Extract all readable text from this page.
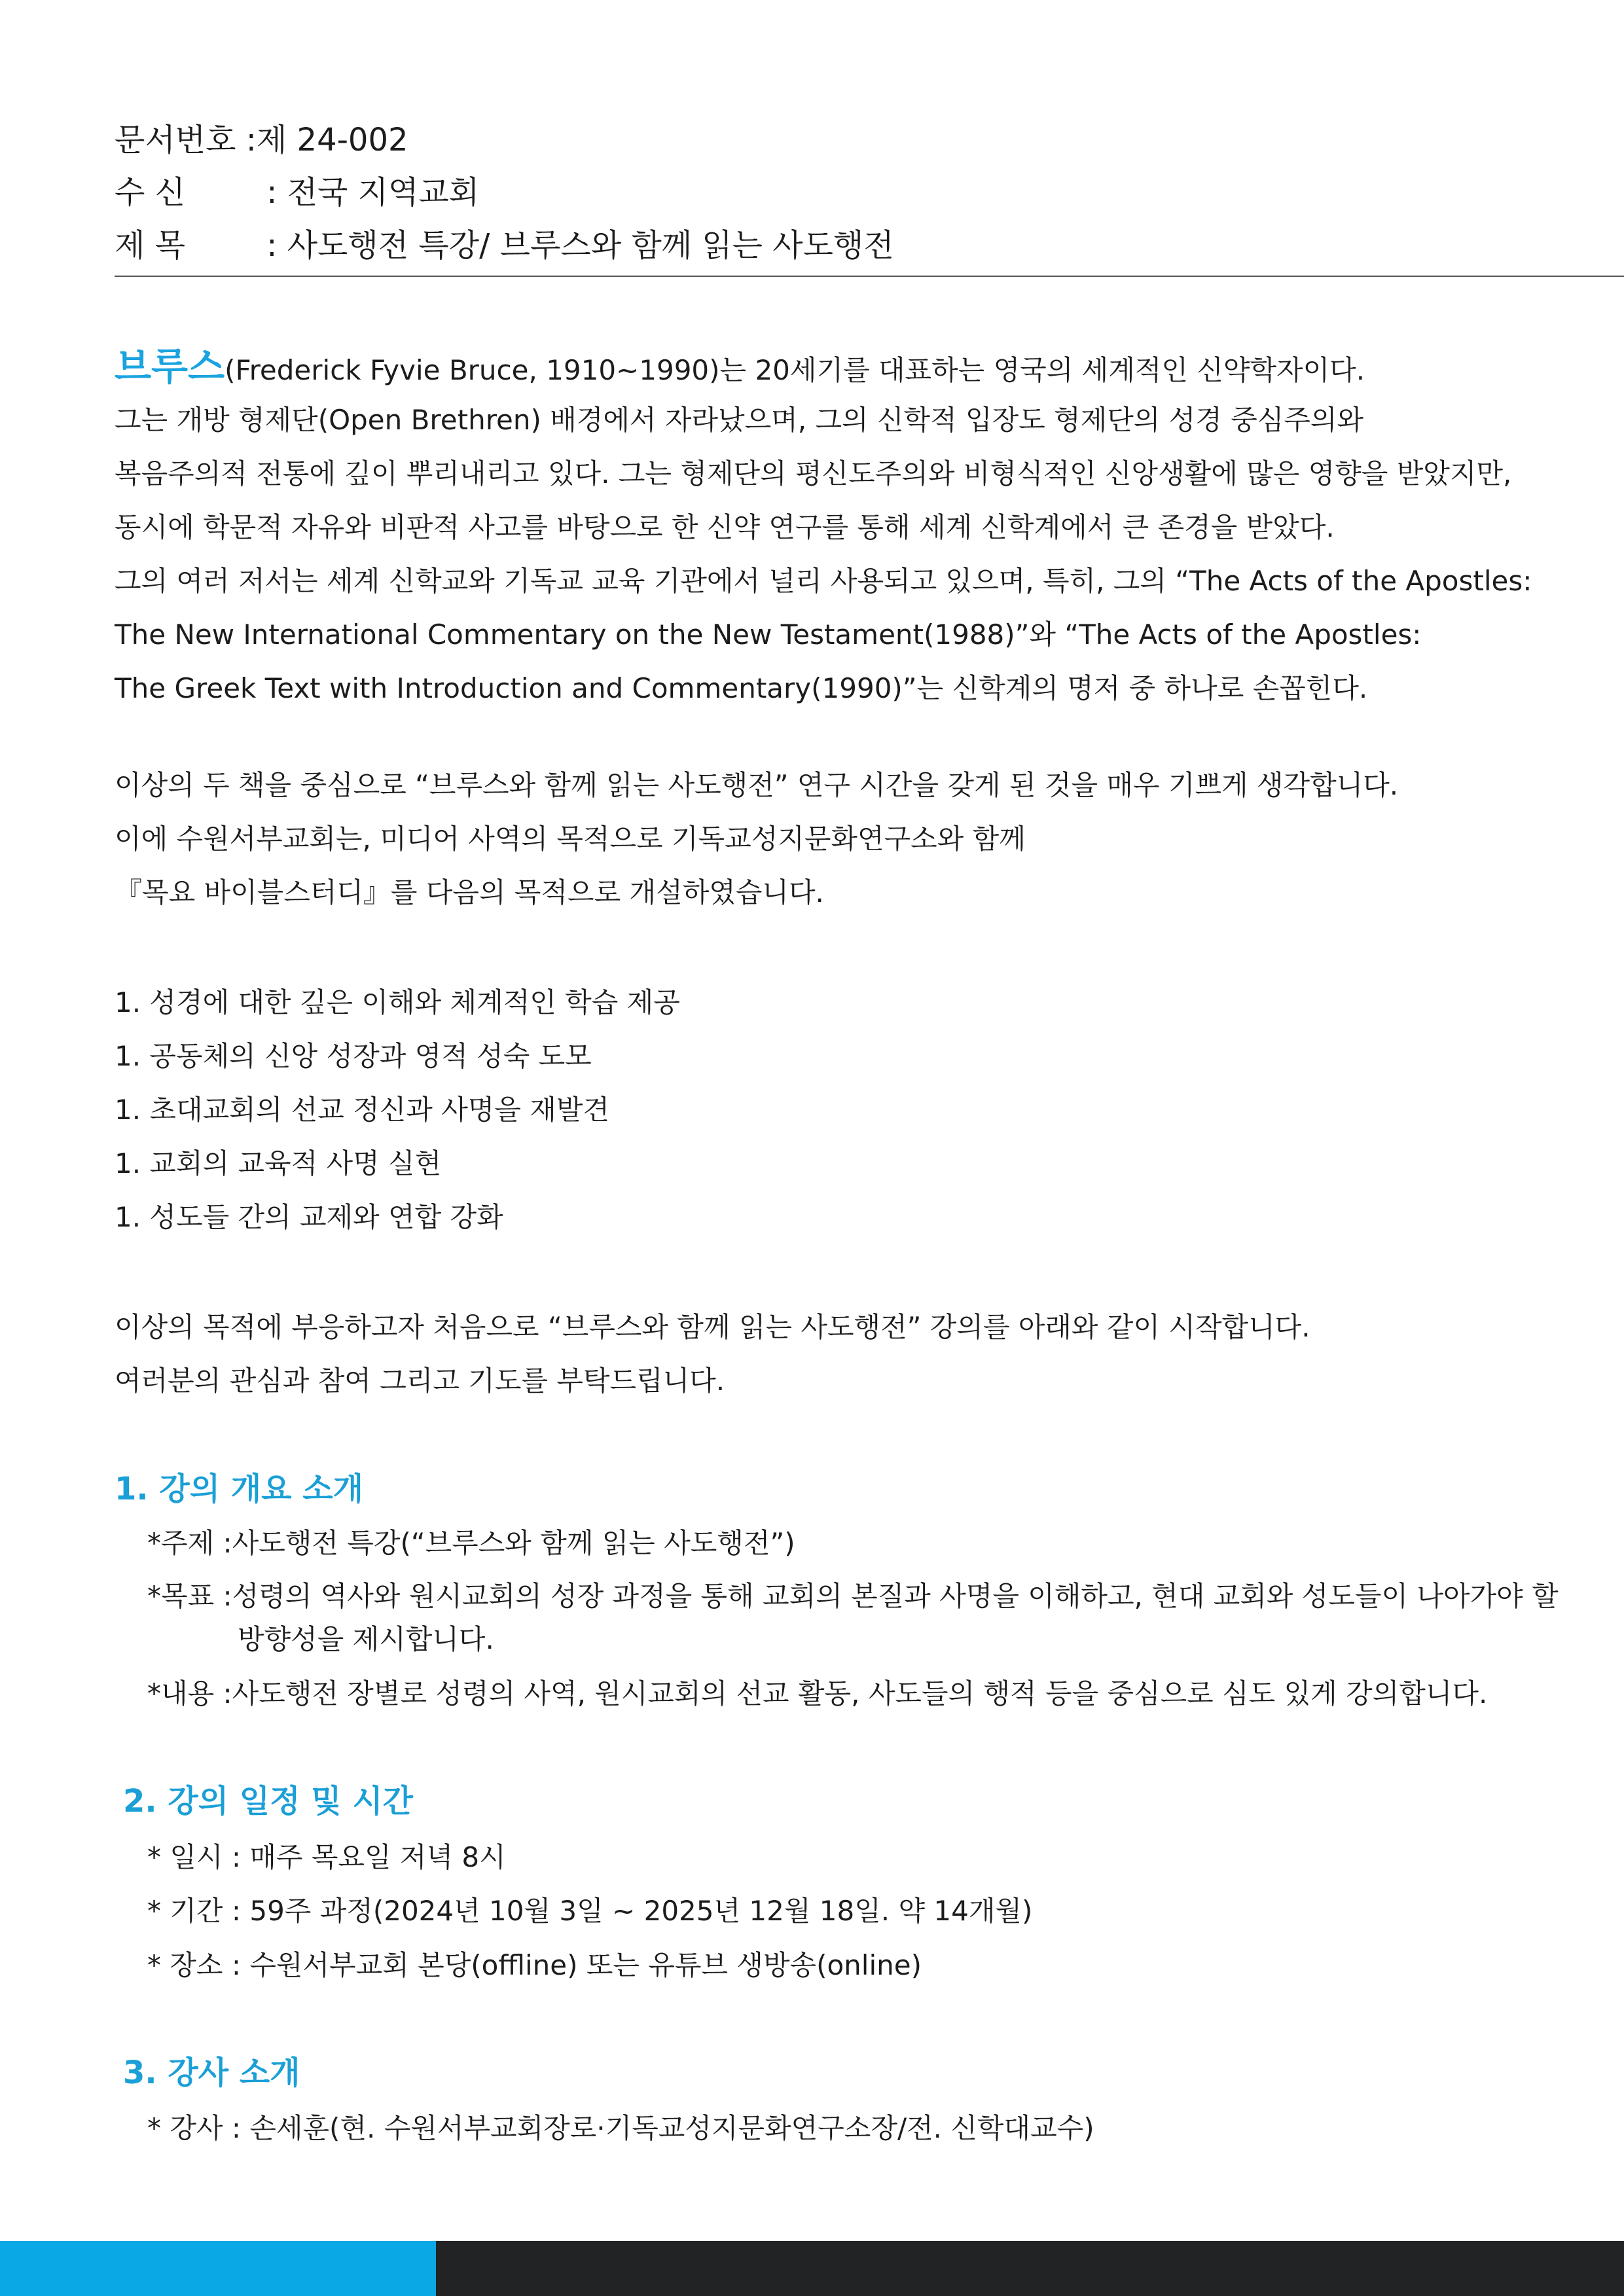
문서번호 :제 24-002
수 신 : 전국 지역교회
제 목 : 사도행전 특강/ 브루스와 함께 읽는 사도행전
브루스(Frederick Fyvie Bruce, 1910~1990)는 20세기를 대표하는 영국의 세계적인 신약학자이다.
그는 개방 형제단(Open Brethren) 배경에서 자라났으며, 그의 신학적 입장도 형제단의 성경 중심주의와
복음주의적 전통에 깊이 뿌리내리고 있다. 그는 형제단의 평신도주의와 비형식적인 신앙생활에 많은 영향을 받았지만,
동시에 학문적 자유와 비판적 사고를 바탕으로 한 신약 연구를 통해 세계 신학계에서 큰 존경을 받았다.
그의 여러 저서는 세계 신학교와 기독교 교육 기관에서 널리 사용되고 있으며, 특히, 그의 “The Acts of the Apostles:
The New International Commentary on the New Testament(1988)”와 “The Acts of the Apostles:
The Greek Text with Introduction and Commentary(1990)”는 신학계의 명저 중 하나로 손꼽힌다.
이상의 두 책을 중심으로 “브루스와 함께 읽는 사도행전” 연구 시간을 갖게 된 것을 매우 기쁘게 생각합니다.
이에 수원서부교회는, 미디어 사역의 목적으로 기독교성지문화연구소와 함께
『목요 바이블스터디』를 다음의 목적으로 개설하였습니다.
1. 성경에 대한 깊은 이해와 체계적인 학습 제공
1. 공동체의 신앙 성장과 영적 성숙 도모
1. 초대교회의 선교 정신과 사명을 재발견
1. 교회의 교육적 사명 실현
1. 성도들 간의 교제와 연합 강화
이상의 목적에 부응하고자 처음으로 “브루스와 함께 읽는 사도행전” 강의를 아래와 같이 시작합니다.
여러분의 관심과 참여 그리고 기도를 부탁드립니다.
1. 강의 개요 소개
*주제 :사도행전 특강(“브루스와 함께 읽는 사도행전”)
*목표 :성령의 역사와 원시교회의 성장 과정을 통해 교회의 본질과 사명을 이해하고, 현대 교회와 성도들이 나아가야 할
방향성을 제시합니다.
*내용 :사도행전 장별로 성령의 사역, 원시교회의 선교 활동, 사도들의 행적 등을 중심으로 심도 있게 강의합니다.
2. 강의 일정 및 시간
* 일시 : 매주 목요일 저녁 8시
* 기간 : 59주 과정(2024년 10월 3일 ~ 2025년 12월 18일. 약 14개월)
* 장소 : 수원서부교회 본당(offline) 또는 유튜브 생방송(online)
3. 강사 소개
* 강사 : 손세훈(현. 수원서부교회장로·기독교성지문화연구소장/전. 신학대교수)
